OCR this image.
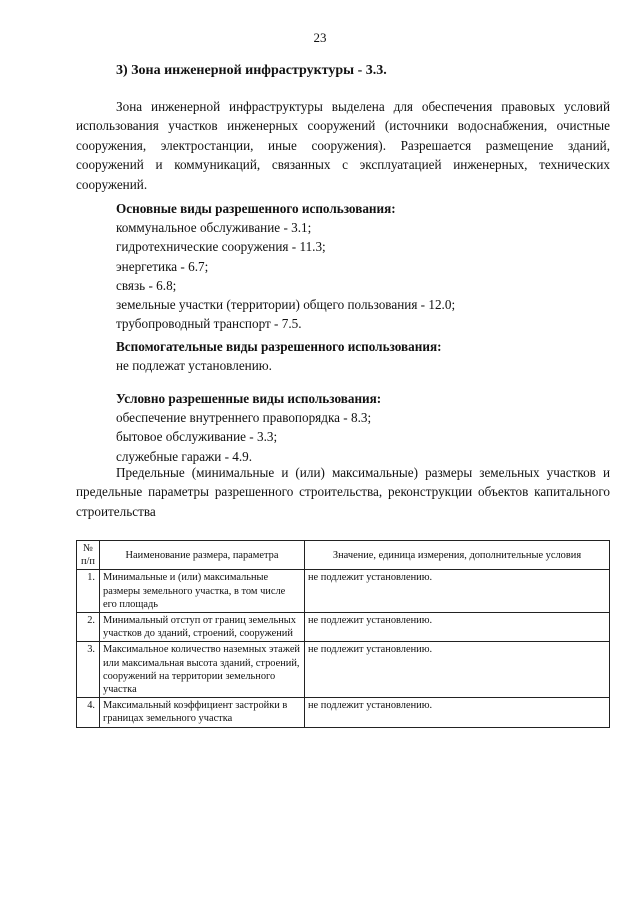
23
3) Зона инженерной инфраструктуры - 3.3.

Зона инженерной инфраструктуры выделена для обеспечения правовых условий использования участков инженерных сооружений (источники водоснабжения, очистные сооружения, электростанции, иные сооружения). Разрешается размещение зданий, сооружений и коммуникаций, связанных с эксплуатацией инженерных, технических сооружений.

Основные виды разрешенного использования:
коммунальное обслуживание - 3.1;
гидротехнические сооружения - 11.3;
энергетика - 6.7;
связь - 6.8;
земельные участки (территории) общего пользования - 12.0;
трубопроводный транспорт - 7.5.
Вспомогательные виды разрешенного использования:
не подлежат установлению.
Условно разрешенные виды использования:
обеспечение внутреннего правопорядка - 8.3;
бытовое обслуживание - 3.3;
служебные гаражи - 4.9.

Предельные (минимальные и (или) максимальные) размеры земельных участков и предельные параметры разрешенного строительства, реконструкции объектов капитального строительства

№ п/п	Наименование размера, параметра	Значение, единица измерения, дополнительные условия
1.	Минимальные и (или) максимальные размеры земельного участка, в том числе его площадь	не подлежит установлению.
2.	Минимальный отступ от границ земельных участков до зданий, строений, сооружений	не подлежит установлению.
3.	Максимальное количество наземных этажей или максимальная высота зданий, строений, сооружений на территории земельного участка	не подлежит установлению.
4.	Максимальный коэффициент застройки в границах земельного участка	не подлежит установлению.
